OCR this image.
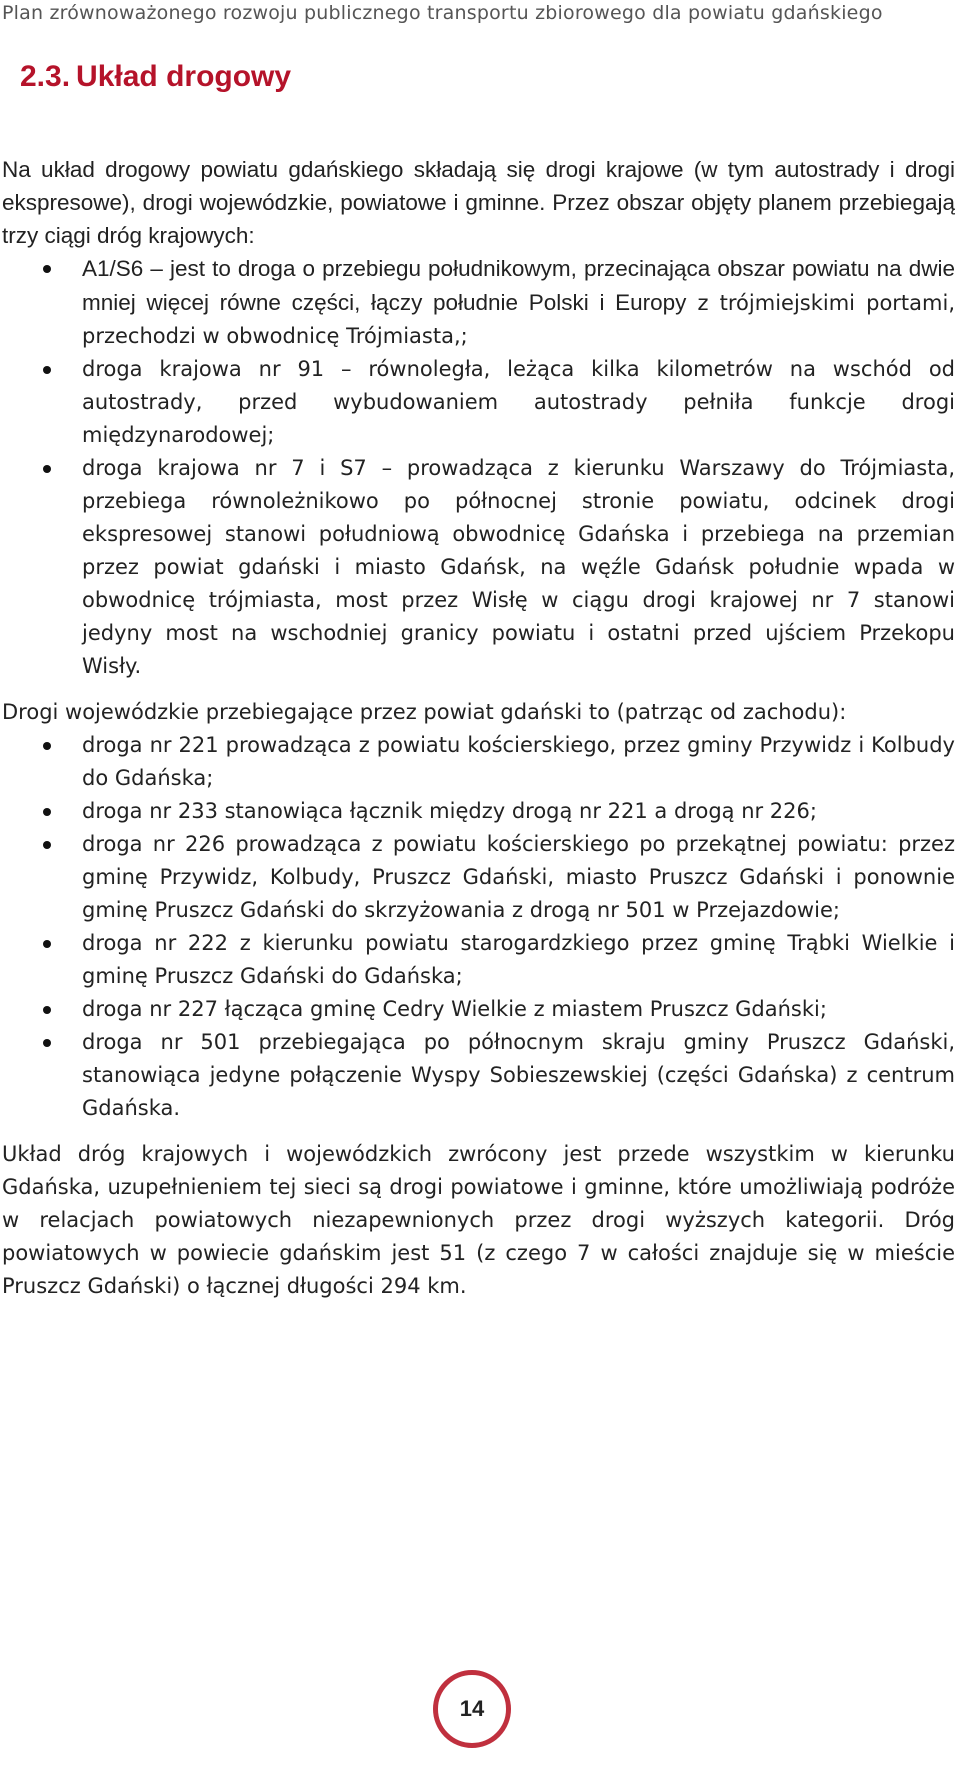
Plan zrównoważonego rozwoju publicznego transportu zbiorowego dla powiatu gdańskiego
2.3. Układ drogowy

Na układ drogowy powiatu gdańskiego składają się drogi krajowe (w tym autostrady i drogi ekspresowe), drogi wojewódzkie, powiatowe i gminne. Przez obszar objęty planem przebiegają trzy ciągi dróg krajowych:

A1/S6 – jest to droga o przebiegu południkowym, przecinająca obszar powiatu na dwie mniej więcej równe części, łączy południe Polski i Europy z trójmiejskimi portami, przechodzi w obwodnicę Trójmiasta,;
droga krajowa nr 91 – równoległa, leżąca kilka kilometrów na wschód od autostrady, przed wybudowaniem autostrady pełniła funkcje drogi międzynarodowej;
droga krajowa nr 7 i S7 – prowadząca z kierunku Warszawy do Trójmiasta, przebiega równoleżnikowo po północnej stronie powiatu, odcinek drogi ekspresowej stanowi południową obwodnicę Gdańska i przebiega na przemian przez powiat gdański i miasto Gdańsk, na węźle Gdańsk południe wpada w obwodnicę trójmiasta, most przez Wisłę w ciągu drogi krajowej nr 7 stanowi jedyny most na wschodniej granicy powiatu i ostatni przed ujściem Przekopu Wisły.

Drogi wojewódzkie przebiegające przez powiat gdański to (patrząc od zachodu):

droga nr 221 prowadząca z powiatu kościerskiego, przez gminy Przywidz i Kolbudy do Gdańska;
droga nr 233 stanowiąca łącznik między drogą nr 221 a drogą nr 226;
droga nr 226 prowadząca z powiatu kościerskiego po przekątnej powiatu: przez gminę Przywidz, Kolbudy, Pruszcz Gdański, miasto Pruszcz Gdański i ponownie gminę Pruszcz Gdański do skrzyżowania z drogą nr 501 w Przejazdowie;
droga nr 222 z kierunku powiatu starogardzkiego przez gminę Trąbki Wielkie i gminę Pruszcz Gdański do Gdańska;
droga nr 227 łącząca gminę Cedry Wielkie z miastem Pruszcz Gdański;
droga nr 501 przebiegająca po północnym skraju gminy Pruszcz Gdański, stanowiąca jedyne połączenie Wyspy Sobieszewskiej (części Gdańska) z centrum Gdańska.

Układ dróg krajowych i wojewódzkich zwrócony jest przede wszystkim w kierunku Gdańska, uzupełnieniem tej sieci są drogi powiatowe i gminne, które umożliwiają podróże w relacjach powiatowych niezapewnionych przez drogi wyższych kategorii. Dróg powiatowych w powiecie gdańskim jest 51 (z czego 7 w całości znajduje się w mieście Pruszcz Gdański) o łącznej długości 294 km.

14
